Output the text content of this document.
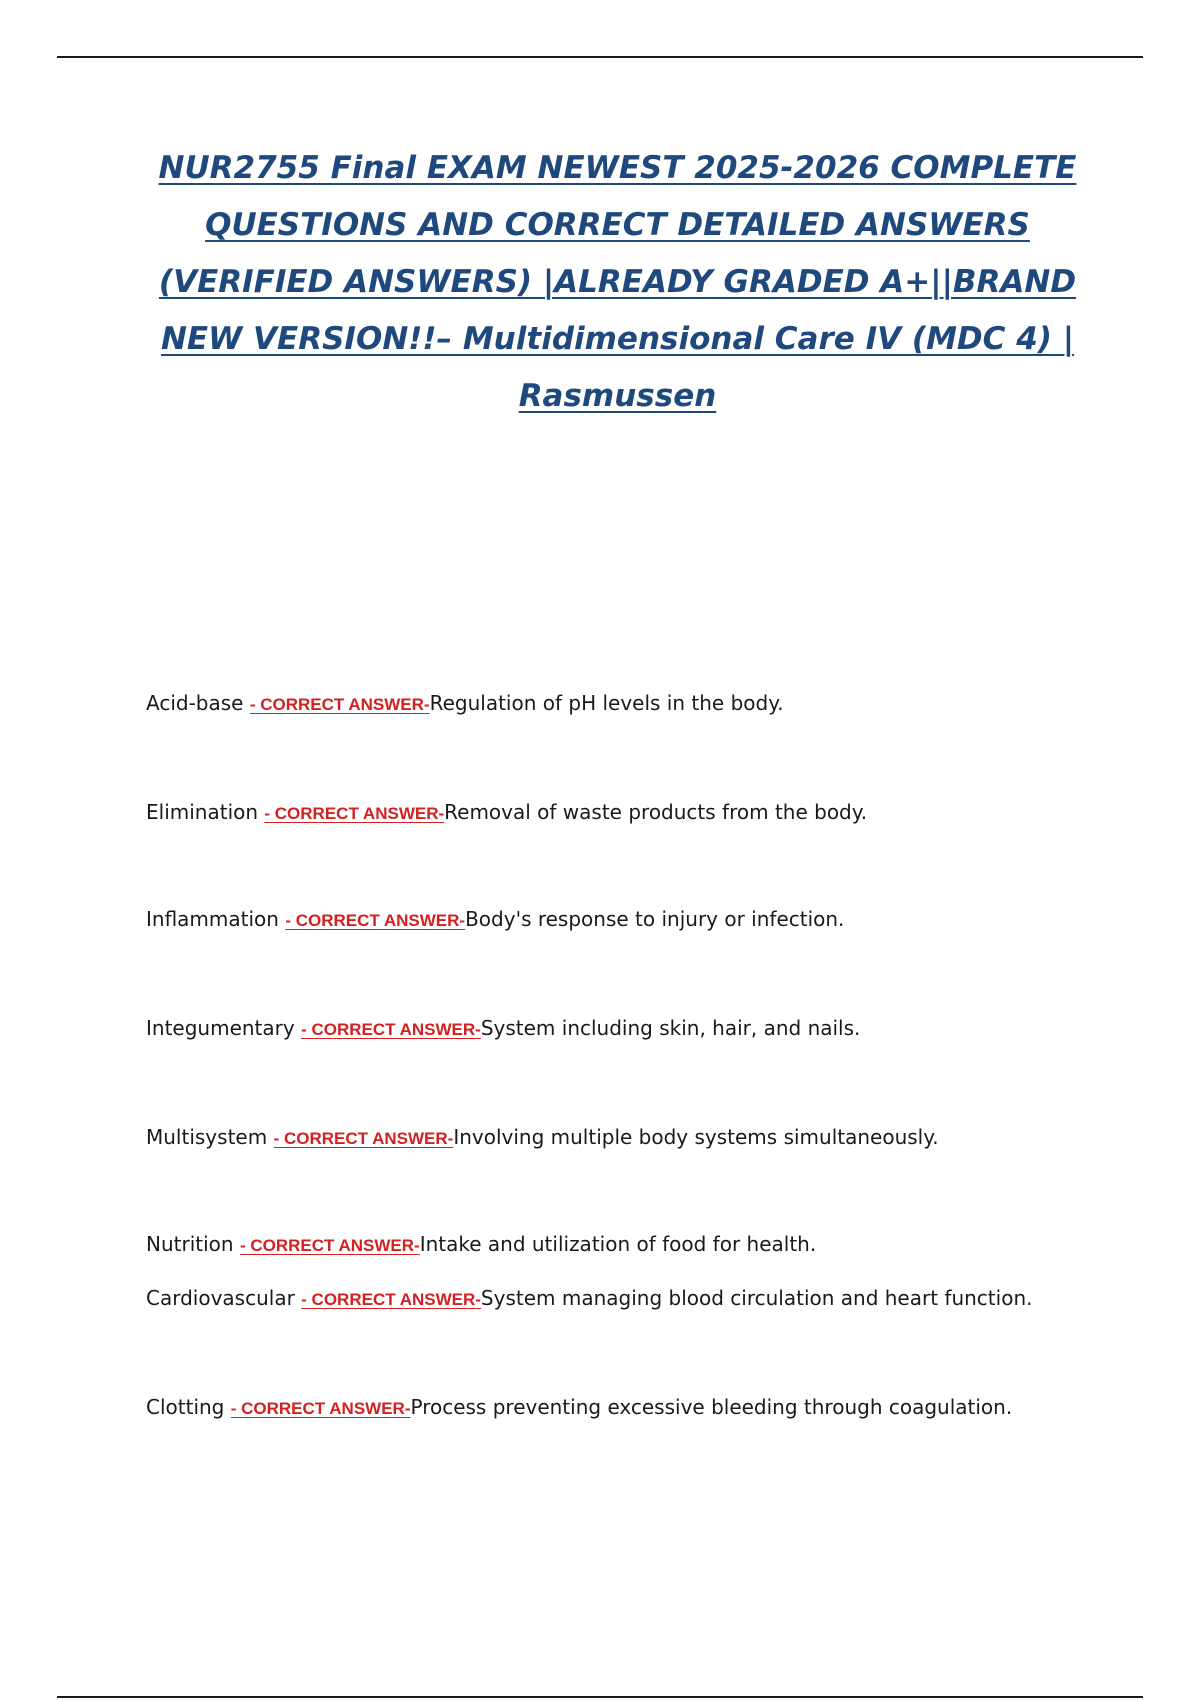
NUR2755 Final EXAM NEWEST 2025-2026 COMPLETE QUESTIONS AND CORRECT DETAILED ANSWERS (VERIFIED ANSWERS) |ALREADY GRADED A+||BRAND NEW VERSION!!– Multidimensional Care IV (MDC 4) | Rasmussen
Acid-base - CORRECT ANSWER-Regulation of pH levels in the body.
Elimination - CORRECT ANSWER-Removal of waste products from the body.
Inflammation - CORRECT ANSWER-Body's response to injury or infection.
Integumentary - CORRECT ANSWER-System including skin, hair, and nails.
Multisystem - CORRECT ANSWER-Involving multiple body systems simultaneously.
Nutrition - CORRECT ANSWER-Intake and utilization of food for health.
Cardiovascular - CORRECT ANSWER-System managing blood circulation and heart function.
Clotting - CORRECT ANSWER-Process preventing excessive bleeding through coagulation.
